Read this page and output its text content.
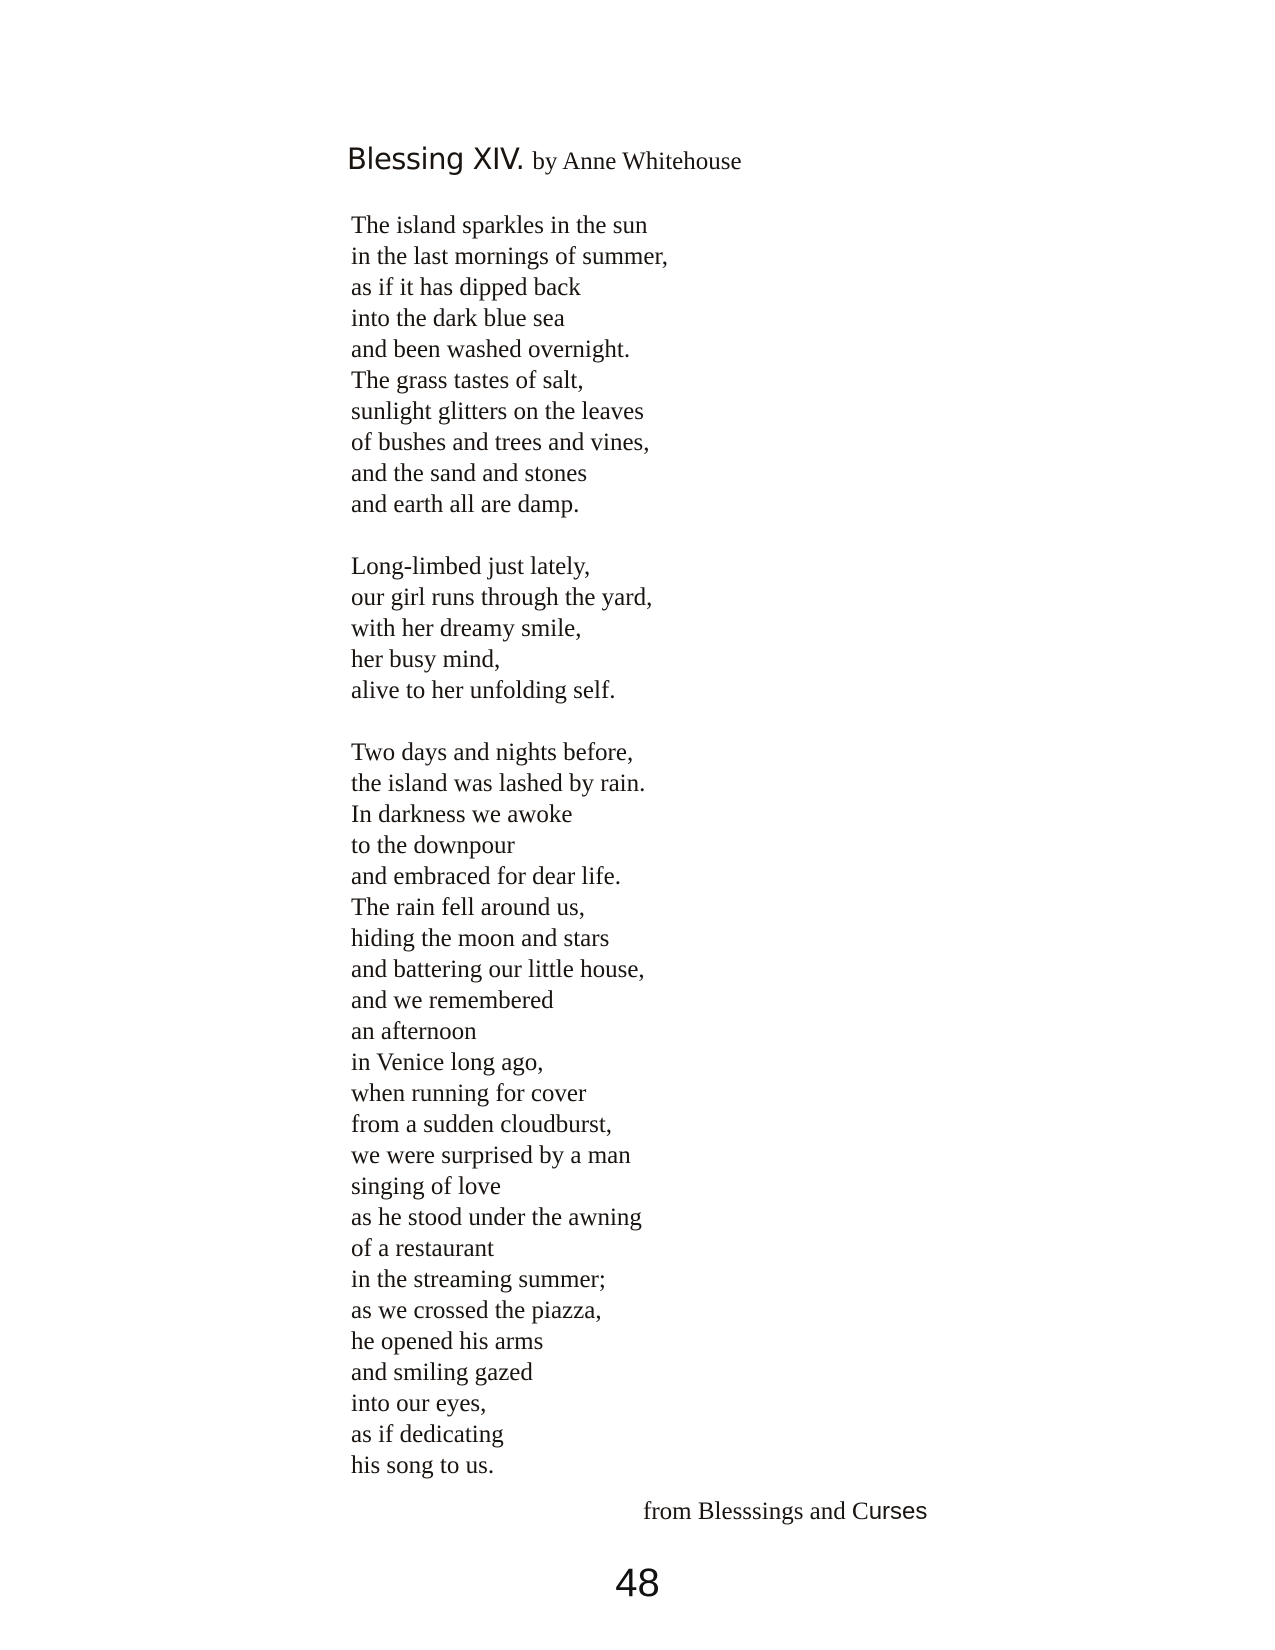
Blessing XIV. by Anne Whitehouse
The island sparkles in the sun
in the last mornings of summer,
as if it has dipped back
into the dark blue sea
and been washed overnight.
The grass tastes of salt,
sunlight glitters on the leaves
of bushes and trees and vines,
and the sand and stones
and earth all are damp.
Long-limbed just lately,
our girl runs through the yard,
with her dreamy smile,
her busy mind,
alive to her unfolding self.
Two days and nights before,
the island was lashed by rain.
In darkness we awoke
to the downpour
and embraced for dear life.
The rain fell around us,
hiding the moon and stars
and battering our little house,
and we remembered
an afternoon
in Venice long ago,
when running for cover
from a sudden cloudburst,
we were surprised by a man
singing of love
as he stood under the awning
of a restaurant
in the streaming summer;
as we crossed the piazza,
he opened his arms
and smiling gazed
into our eyes,
as if dedicating
his song to us.
from Blesssings and Curses
48
